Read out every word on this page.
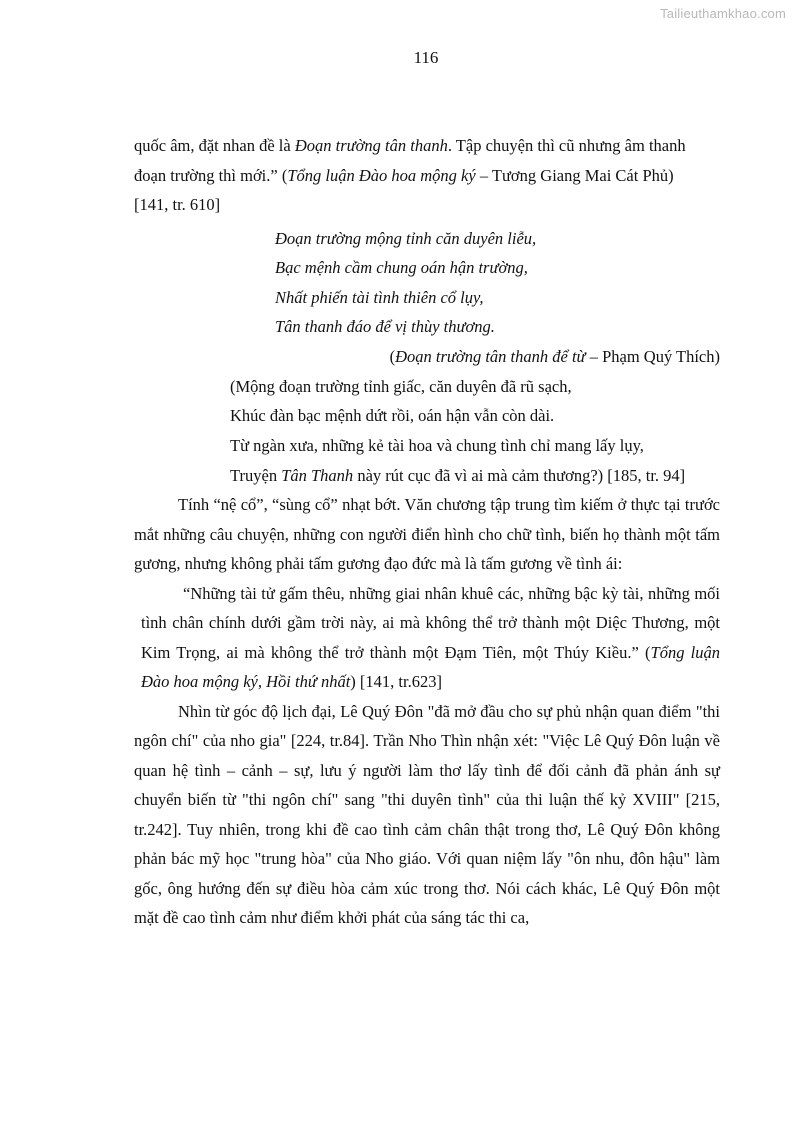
Tailieuthamkhao.com
116

quốc âm, đặt nhan đề là Đoạn trường tân thanh. Tập chuyện thì cũ nhưng âm thanh
đoạn trường thì mới.” (Tổng luận Đào hoa mộng ký – Tương Giang Mai Cát Phủ)
[141, tr. 610]

Đoạn trường mộng tỉnh căn duyên liễu,

Bạc mệnh cầm chung oán hận trường,

Nhất phiến tài tình thiên cổ lụy,

Tân thanh đáo để vị thùy thương.

(Đoạn trường tân thanh để từ – Phạm Quý Thích)

(Mộng đoạn trường tỉnh giấc, căn duyên đã rũ sạch,

Khúc đàn bạc mệnh dứt rồi, oán hận vẫn còn dài.

Từ ngàn xưa, những kẻ tài hoa và chung tình chỉ mang lấy lụy,

Truyện Tân Thanh này rút cục đã vì ai mà cảm thương?) [185, tr. 94]

Tính “nệ cổ”, “sùng cổ” nhạt bớt. Văn chương tập trung tìm kiếm ở thực tại trước mắt những câu chuyện, những con người điển hình cho chữ tình, biến họ thành một tấm gương, nhưng không phải tấm gương đạo đức mà là tấm gương về tình ái:

“Những tài tử gấm thêu, những giai nhân khuê các, những bậc kỳ tài, những mối tình chân chính dưới gầm trời này, ai mà không thể trở thành một Diệc Thương, một Kim Trọng, ai mà không thể trở thành một Đạm Tiên, một Thúy Kiều.” (Tổng luận Đào hoa mộng ký, Hồi thứ nhất) [141, tr.623]

Nhìn từ góc độ lịch đại, Lê Quý Đôn "đã mở đầu cho sự phủ nhận quan điểm "thi ngôn chí" của nho gia" [224, tr.84]. Trần Nho Thìn nhận xét: "Việc Lê Quý Đôn luận về quan hệ tình – cảnh – sự, lưu ý người làm thơ lấy tình để đối cảnh đã phản ánh sự chuyển biến từ "thi ngôn chí" sang "thi duyên tình" của thi luận thế kỷ XVIII" [215, tr.242]. Tuy nhiên, trong khi đề cao tình cảm chân thật trong thơ, Lê Quý Đôn không phản bác mỹ học "trung hòa" của Nho giáo. Với quan niệm lấy "ôn nhu, đôn hậu" làm gốc, ông hướng đến sự điều hòa cảm xúc trong thơ. Nói cách khác, Lê Quý Đôn một mặt đề cao tình cảm như điểm khởi phát của sáng tác thi ca,
